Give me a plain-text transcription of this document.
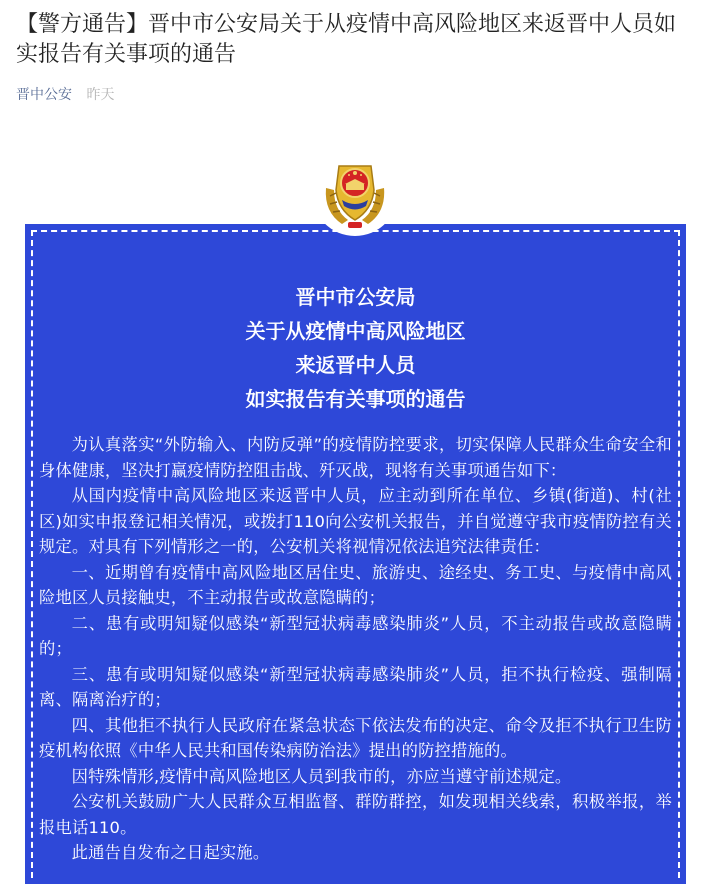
【警方通告】晋中市公安局关于从疫情中高风险地区来返晋中人员如实报告有关事项的通告
晋中公安 昨天
晋中市公安局
关于从疫情中高风险地区
来返晋中人员
如实报告有关事项的通告

为认真落实“外防输入、内防反弹”的疫情防控要求，切实保障人民群众生命安全和身体健康，坚决打赢疫情防控阻击战、歼灭战，现将有关事项通告如下：

从国内疫情中高风险地区来返晋中人员，应主动到所在单位、乡镇(街道)、村(社区)如实申报登记相关情况，或拨打110向公安机关报告，并自觉遵守我市疫情防控有关规定。对具有下列情形之一的，公安机关将视情况依法追究法律责任：

一、近期曾有疫情中高风险地区居住史、旅游史、途经史、务工史、与疫情中高风险地区人员接触史，不主动报告或故意隐瞒的；

二、患有或明知疑似感染“新型冠状病毒感染肺炎”人员，不主动报告或故意隐瞒的；

三、患有或明知疑似感染“新型冠状病毒感染肺炎”人员，拒不执行检疫、强制隔离、隔离治疗的；

四、其他拒不执行人民政府在紧急状态下依法发布的决定、命令及拒不执行卫生防疫机构依照《中华人民共和国传染病防治法》提出的防控措施的。

因特殊情形,疫情中高风险地区人员到我市的，亦应当遵守前述规定。

公安机关鼓励广大人民群众互相监督、群防群控，如发现相关线索，积极举报，举报电话110。

此通告自发布之日起实施。
